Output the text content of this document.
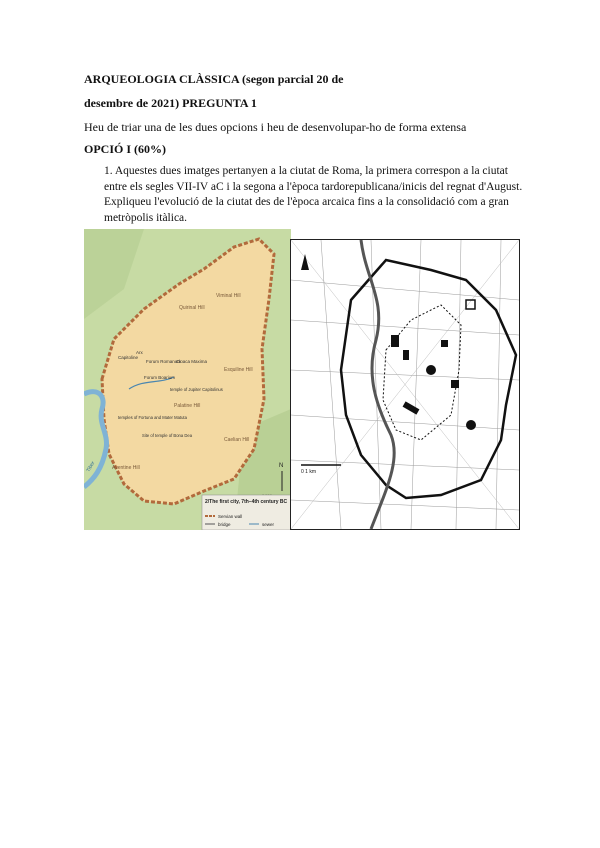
ARQUEOLOGIA CLÀSSICA (segon parcial 20 de
desembre de 2021) PREGUNTA 1
Heu de triar una de les dues opcions i heu de desenvolupar-ho de forma extensa
OPCIÓ I (60%)
1. Aquestes dues imatges pertanyen a la ciutat de Roma, la primera correspon a la ciutat entre els segles VII-IV aC i la segona a l'època tardorepublicana/inicis del regnat d'August. Expliqueu l'evolució de la ciutat des de l'època arcaica fins a la consolidació com a gran metròpolis itàlica.
Quirinal Hill
Viminal Hill
Capitoline
Arx
Forum Romanum
Cloaca Maxima
Forum Boarium
temple of Jupiter Capitolinus
Esquiline Hill
Palatine Hill
temples of Fortuna and Mater Matuta
Site of temple of Bona Dea
Tiber
Caelian Hill
Aventine Hill	N
2/The first city, 7th–4th century BC
Servian wall
bridge	sewer
0 1 km
